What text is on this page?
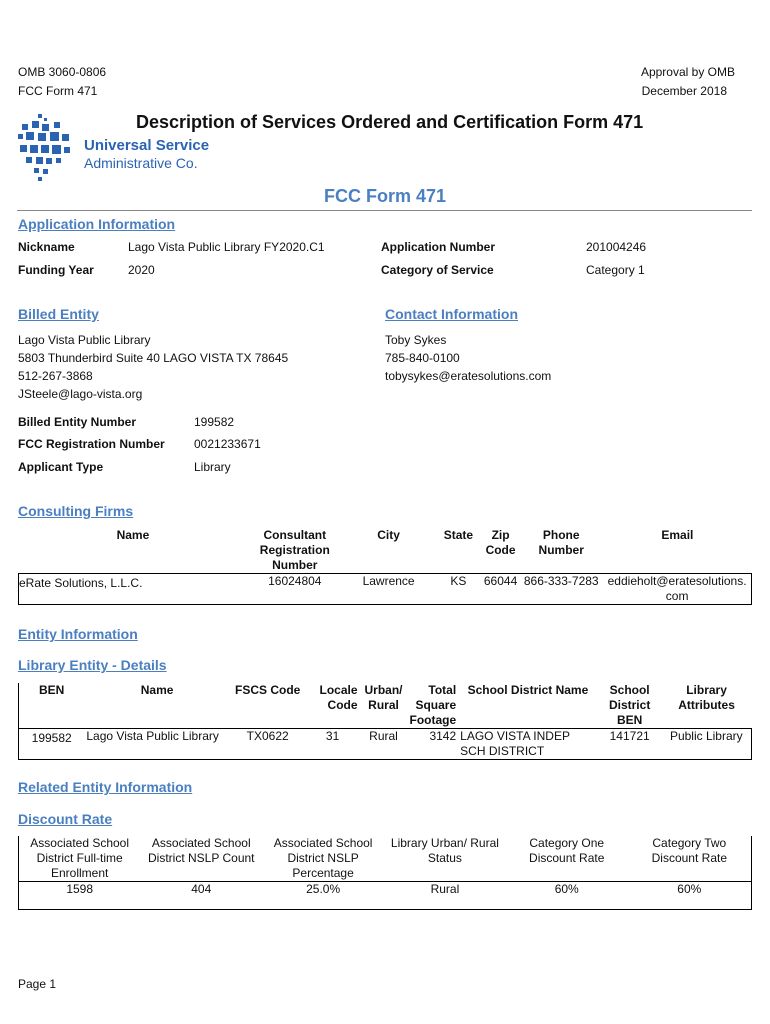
OMB 3060-0806
FCC Form 471
Approval by OMB
December 2018
Universal Service
Administrative Co.
Description of Services Ordered and Certification Form 471
FCC Form 471
Application Information
Nickname	Lago Vista Public Library FY2020.C1	Application Number	201004246
Funding Year	2020	Category of Service	Category 1
Billed Entity
Lago Vista Public Library
5803 Thunderbird Suite 40 LAGO VISTA TX 78645
512-267-3868
JSteele@lago-vista.org
Contact Information
Toby Sykes
785-840-0100
tobysykes@eratesolutions.com
Billed Entity Number	199582
FCC Registration Number 0021233671
Applicant Type	Library
Consulting Firms
Name	Consultant Registration Number	City	State	Zip Code	Phone Number	Email
eRate Solutions, L.L.C.	16024804	Lawrence	KS	66044	866-333-7283	eddieholt@eratesolutions.com
Entity Information
Library Entity - Details
BEN	Name	FSCS Code	Locale Code	Urban/ Rural	Total Square Footage	School District Name	School District BEN	Library Attributes
199582	Lago Vista Public Library	TX0622	31	Rural	3142	LAGO VISTA INDEP SCH DISTRICT	141721	Public Library
Related Entity Information
Discount Rate
Associated School District Full-time Enrollment	Associated School District NSLP Count	Associated School District NSLP Percentage	Library Urban/ Rural Status	Category One Discount Rate	Category Two Discount Rate
1598	404	25.0%	Rural	60%	60%
Page 1
